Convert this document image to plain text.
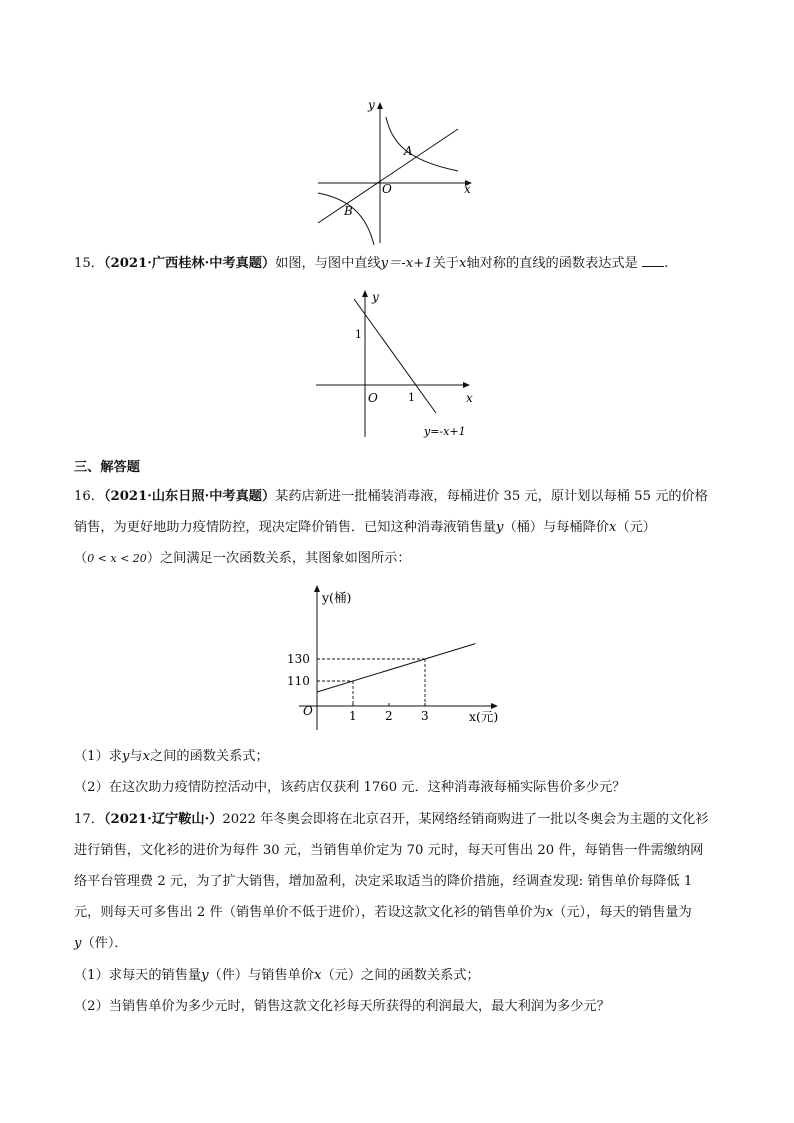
y
x
O
A
B
15．（2021·广西桂林·中考真题）如图，与图中直线y＝-x+1关于x轴对称的直线的函数表达式是 .
y
x
O
1
1
y=-x+1
三、解答题
16．（2021·山东日照·中考真题）某药店新进一批桶装消毒液，每桶进价 35 元，原计划以每桶 55 元的价格
销售，为更好地助力疫情防控，现决定降价销售．已知这种消毒液销售量y（桶）与每桶降价x（元）
（0 < x < 20）之间满足一次函数关系，其图象如图所示：
1 2 3
110
130
y(桶)
x(元)
O
（1）求y与x之间的函数关系式；
（2）在这次助力疫情防控活动中，该药店仅获利 1760 元．这种消毒液每桶实际售价多少元？
17．（2021·辽宁鞍山·）2022 年冬奥会即将在北京召开，某网络经销商购进了一批以冬奥会为主题的文化衫
进行销售，文化衫的进价为每件 30 元，当销售单价定为 70 元时，每天可售出 20 件，每销售一件需缴纳网
络平台管理费 2 元，为了扩大销售，增加盈利，决定采取适当的降价措施，经调查发现: 销售单价每降低 1
元，则每天可多售出 2 件（销售单价不低于进价），若设这款文化衫的销售单价为x（元），每天的销售量为
y（件）．
（1）求每天的销售量y（件）与销售单价x（元）之间的函数关系式；
（2）当销售单价为多少元时，销售这款文化衫每天所获得的利润最大，最大利润为多少元？
